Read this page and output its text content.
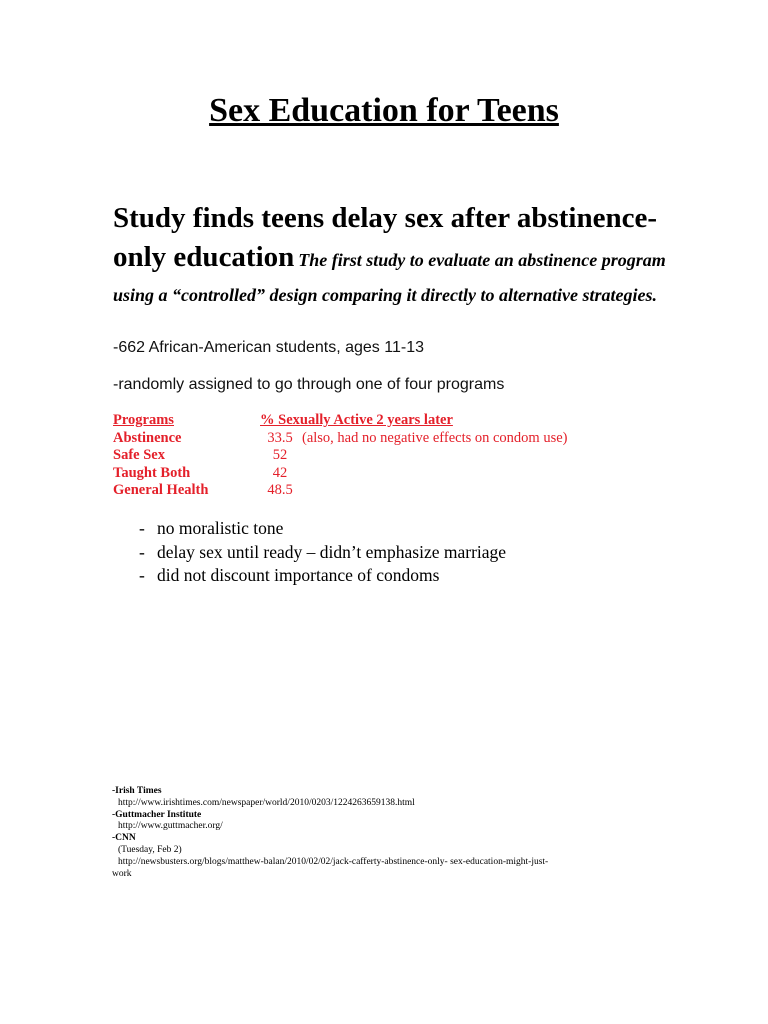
Sex Education for Teens
Study finds teens delay sex after abstinence-only education The first study to evaluate an abstinence program using a “controlled” design comparing it directly to alternative strategies.

-662 African-American students, ages 11-13

-randomly assigned to go through one of four programs

Programs	% Sexually Active 2 years later
Abstinence	33.5 (also, had no negative effects on condom use)
Safe Sex	52
Taught Both	42
General Health	48.5
- no moralistic tone
- delay sex until ready – didn’t emphasize marriage
- did not discount importance of condoms
-Irish Times
http://www.irishtimes.com/newspaper/world/2010/0203/1224263659138.html
-Guttmacher Institute
http://www.guttmacher.org/
-CNN
(Tuesday, Feb 2)
http://newsbusters.org/blogs/matthew-balan/2010/02/02/jack-cafferty-abstinence-only- sex-education-might-just-
work
